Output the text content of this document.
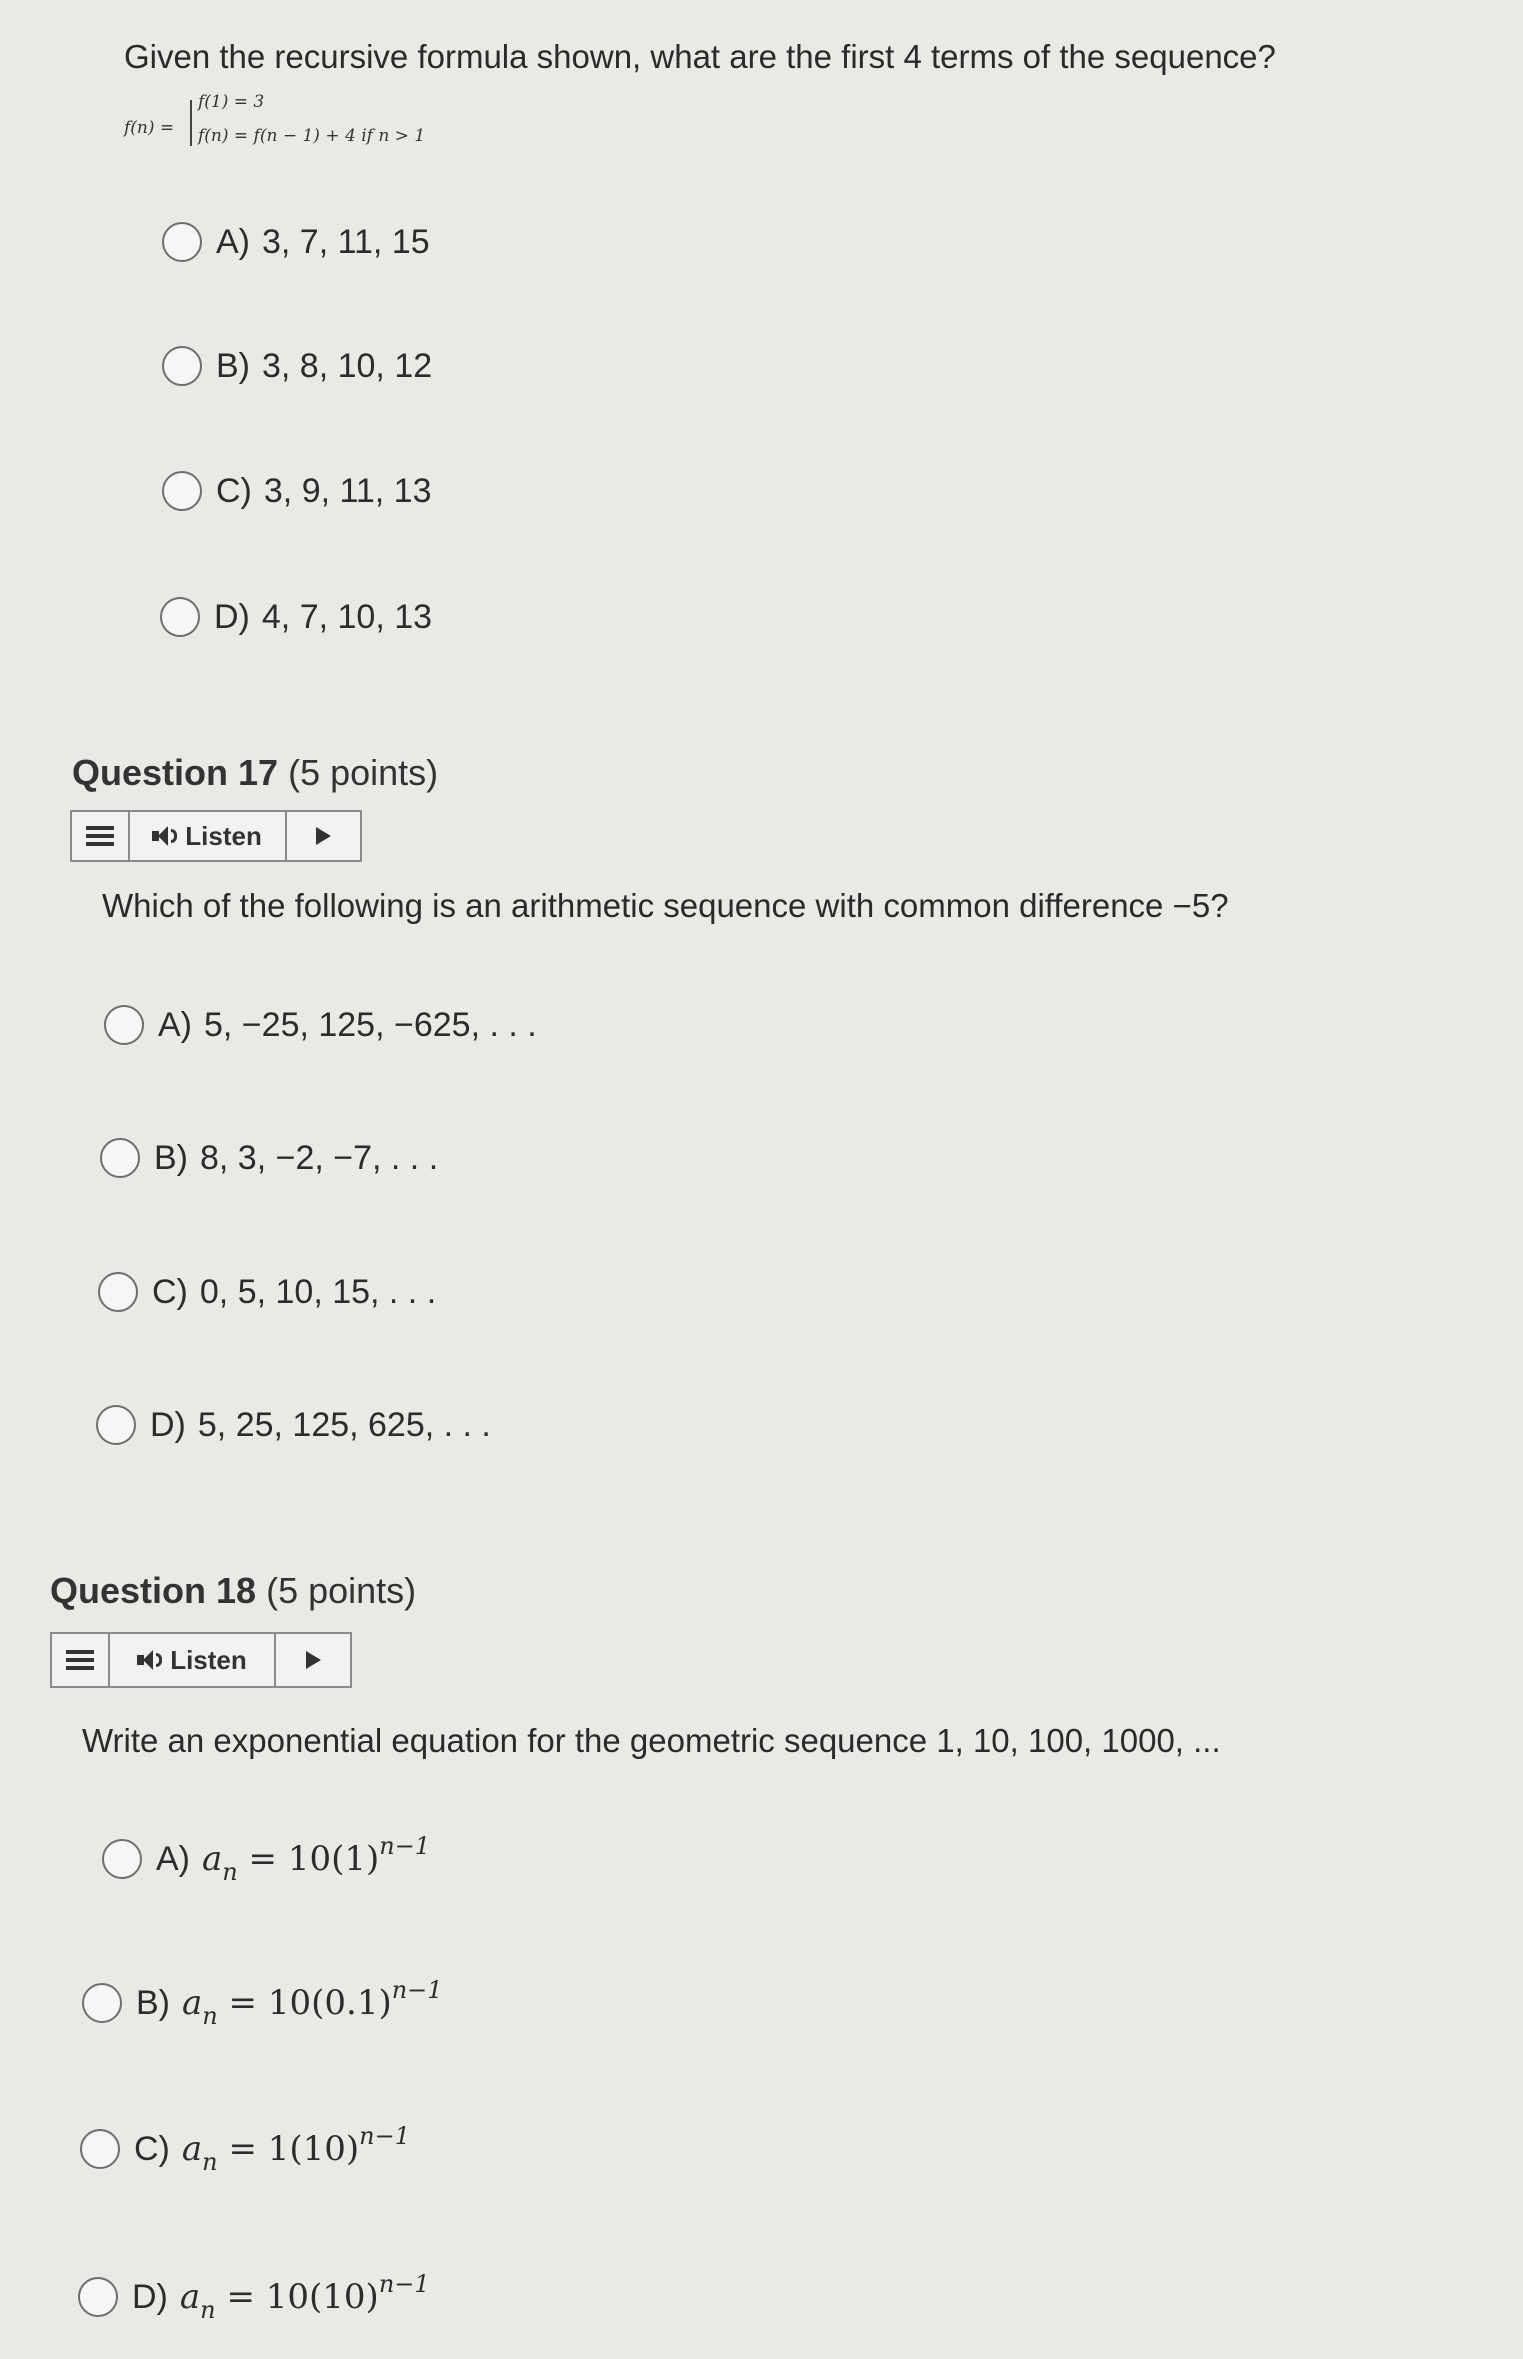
Given the recursive formula shown, what are the first 4 terms of the sequence?
f(n) =
f(1) = 3
f(n) = f(n − 1) + 4 if n > 1
A) 3, 7, 11, 15
B) 3, 8, 10, 12
C) 3, 9, 11, 13
D) 4, 7, 10, 13
Question 17 (5 points)
Listen
Which of the following is an arithmetic sequence with common difference −5?
A) 5, −25, 125, −625, . . .
B) 8, 3, −2, −7, . . .
C) 0, 5, 10, 15, . . .
D) 5, 25, 125, 625, . . .
Question 18 (5 points)
Listen
Write an exponential equation for the geometric sequence 1, 10, 100, 1000, ...
A) $a_n = 10(1)^{n-1}$
B) $a_n = 10(0.1)^{n-1}$
C) $a_n = 1(10)^{n-1}$
D) $a_n = 10(10)^{n-1}$
